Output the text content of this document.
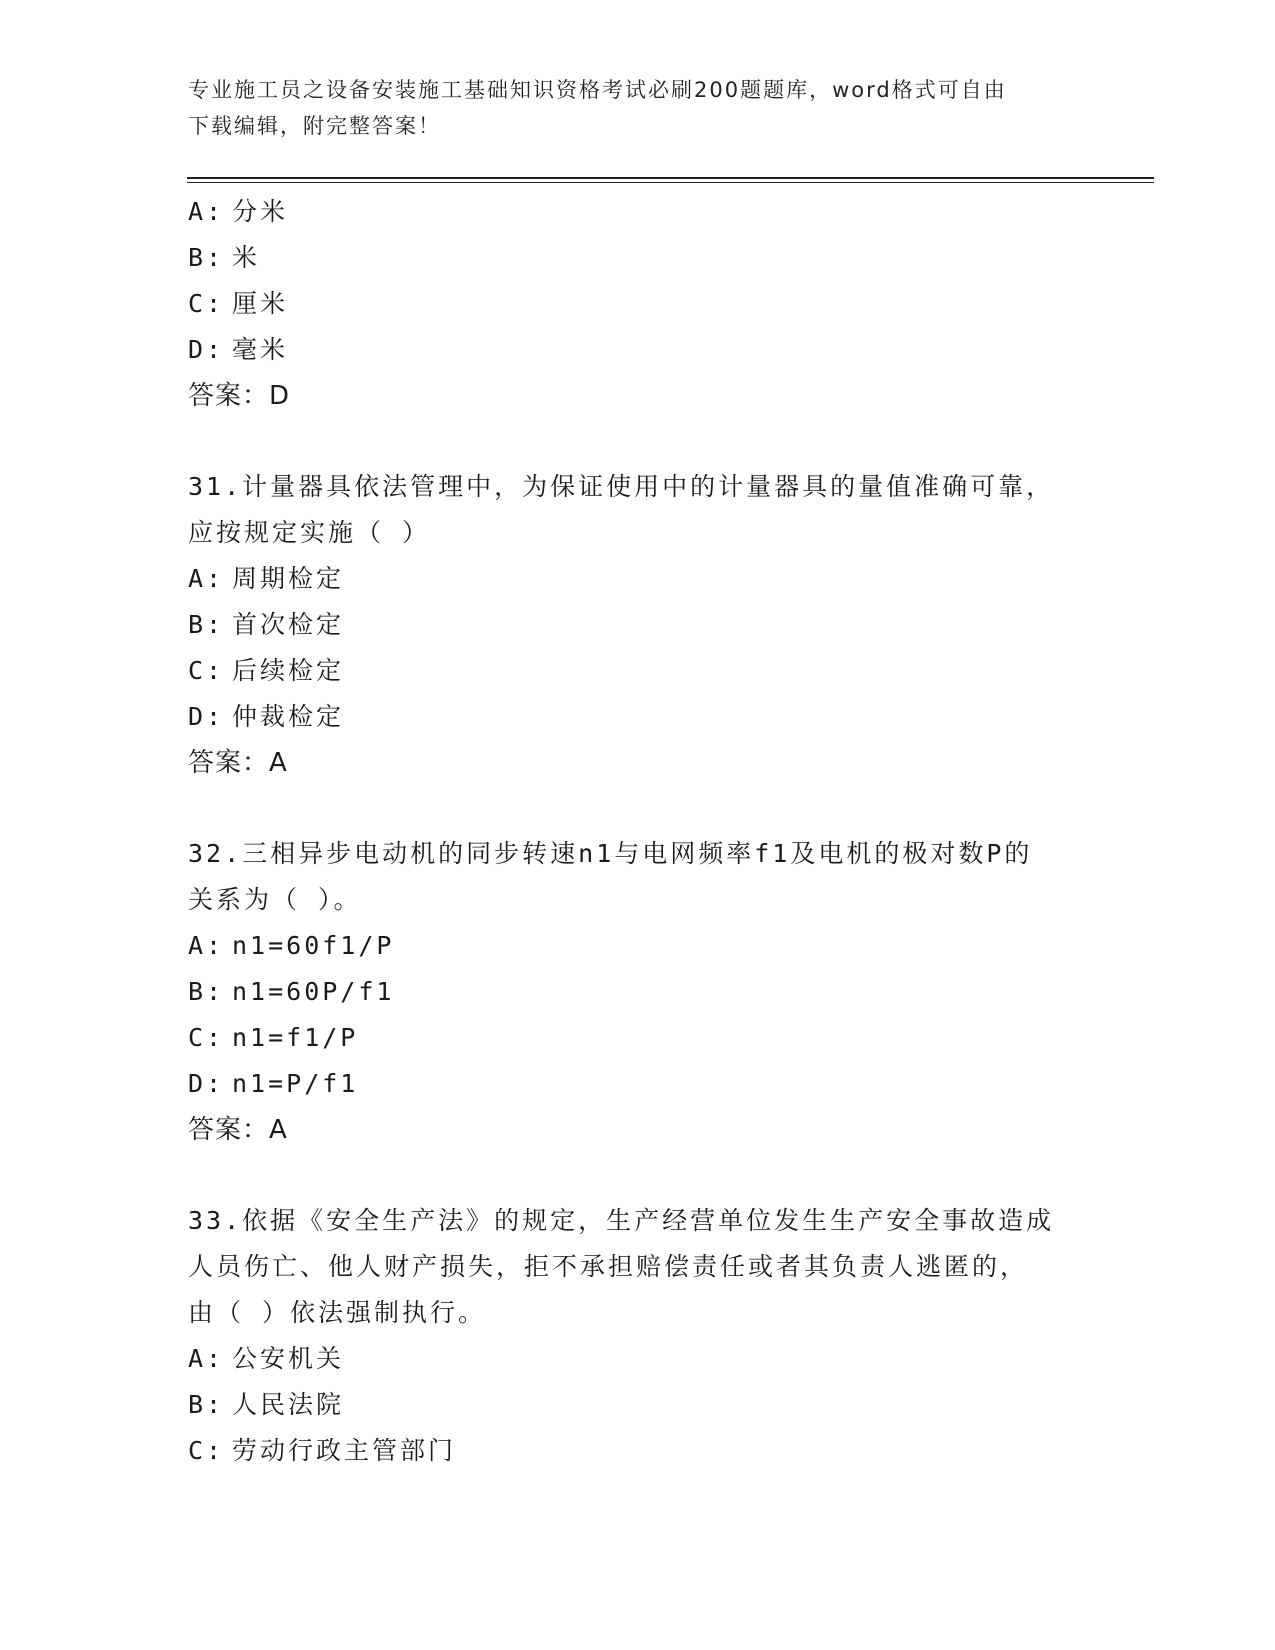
专业施工员之设备安装施工基础知识资格考试必刷200题题库，word格式可自由
下载编辑，附完整答案！
A: 分米
B: 米
C: 厘米
D: 毫米
答案：D
31.计量器具依法管理中，为保证使用中的计量器具的量值准确可靠，
应按规定实施（ ）
A: 周期检定
B: 首次检定
C: 后续检定
D: 仲裁检定
答案：A
32.三相异步电动机的同步转速n1与电网频率f1及电机的极对数P的
关系为（ ）。
A: n1=60f1/P
B: n1=60P/f1
C: n1=f1/P
D: n1=P/f1
答案：A
33.依据《安全生产法》的规定，生产经营单位发生生产安全事故造成
人员伤亡、他人财产损失，拒不承担赔偿责任或者其负责人逃匿的，
由（ ）依法强制执行。
A: 公安机关
B: 人民法院
C: 劳动行政主管部门
